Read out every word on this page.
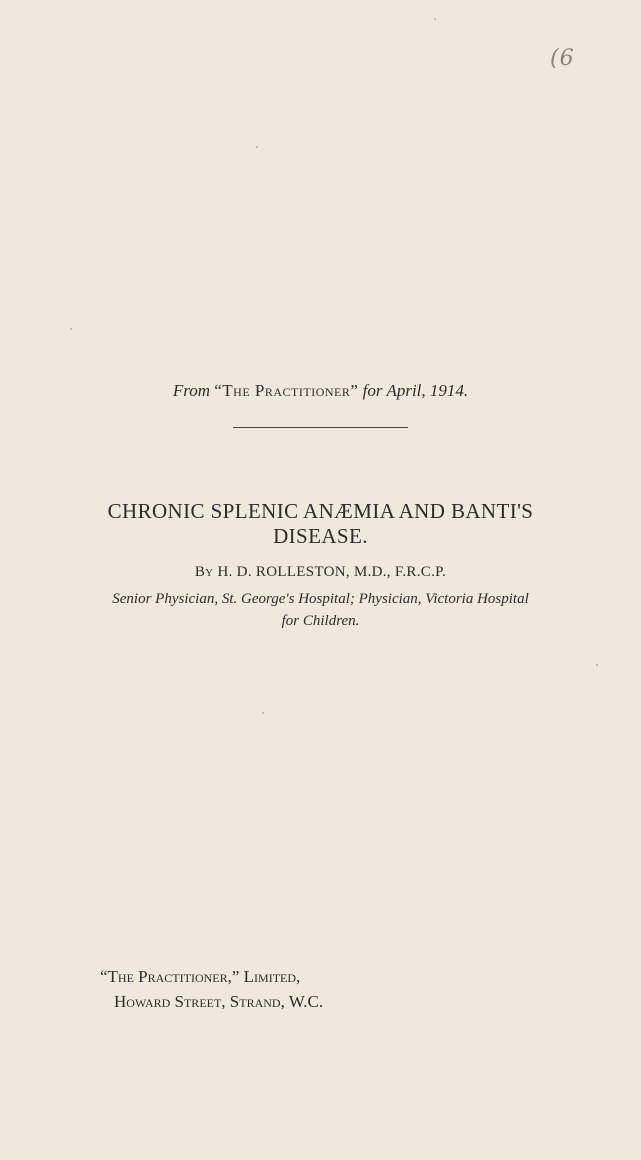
(6
From “The Practitioner” for April, 1914.
CHRONIC SPLENIC ANÆMIA AND BANTI'S
DISEASE.
By H. D. ROLLESTON, M.D., F.R.C.P.
Senior Physician, St. George's Hospital; Physician, Victoria Hospital
for Children.
“The Practitioner,” Limited,
Howard Street, Strand, W.C.
